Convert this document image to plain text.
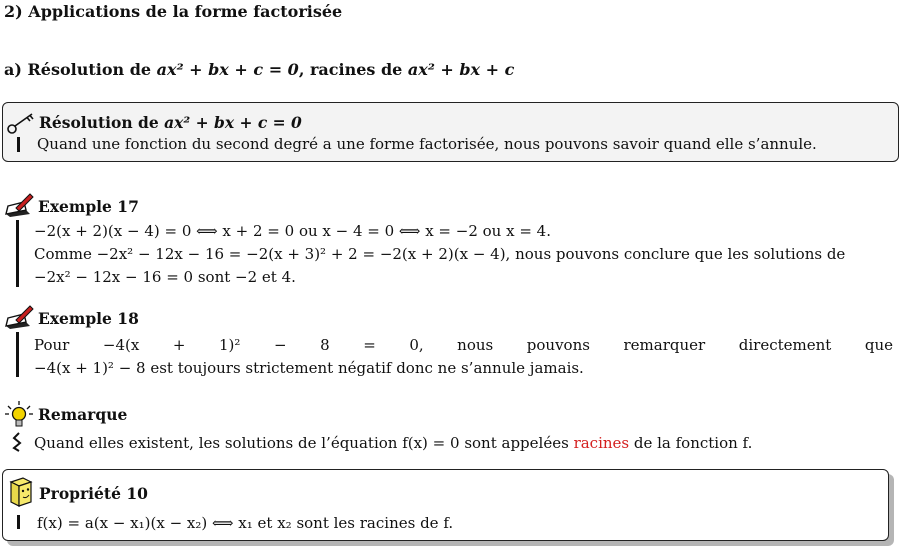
2) Applications de la forme factorisée
a) Résolution de ax² + bx + c = 0, racines de ax² + bx + c
Résolution de ax² + bx + c = 0
Quand une fonction du second degré a une forme factorisée, nous pouvons savoir quand elle s’annule.
Exemple 17
−2(x + 2)(x − 4) = 0 ⟺ x + 2 = 0 ou x − 4 = 0 ⟺ x = −2 ou x = 4.
Comme −2x² − 12x − 16 = −2(x + 3)² + 2 = −2(x + 2)(x − 4), nous pouvons conclure que les solutions de
−2x² − 12x − 16 = 0 sont −2 et 4.
Exemple 18
Pour −4(x + 1)² − 8 = 0, nous pouvons remarquer directement que
−4(x + 1)² − 8 est toujours strictement négatif donc ne s’annule jamais.
Remarque
Quand elles existent, les solutions de l’équation f(x) = 0 sont appelées racines de la fonction f.
Propriété 10
f(x) = a(x − x₁)(x − x₂) ⟺ x₁ et x₂ sont les racines de f.
